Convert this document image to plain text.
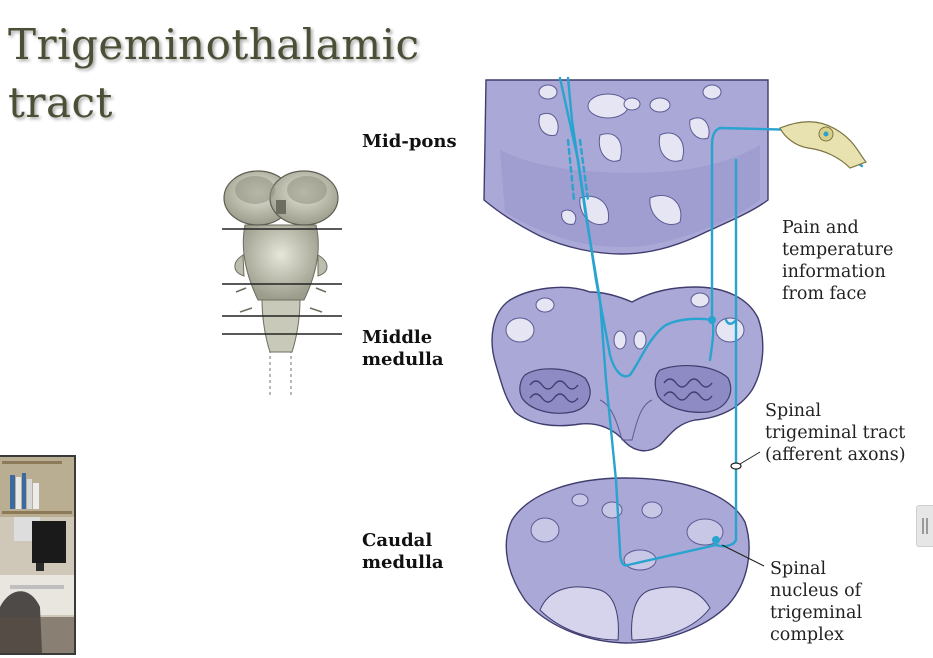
Trigeminothalamic
tract
Mid-pons
Middle
medulla
Caudal
medulla
Pain and
temperature
information
from face
Spinal
trigeminal tract
(afferent axons)
Spinal
nucleus of
trigeminal
complex
